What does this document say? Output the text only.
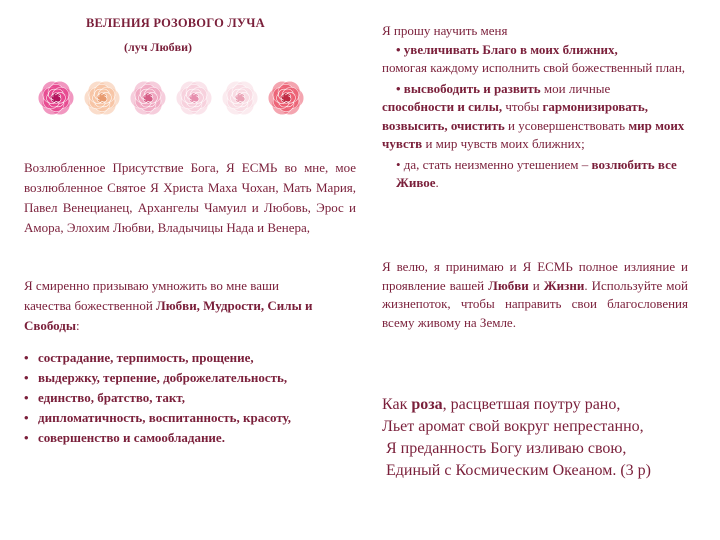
ВЕЛЕНИЯ РОЗОВОГО ЛУЧА
(луч Любви)
Возлюбленное Присутствие Бога, Я ЕСМЬ во мне, мое возлюбленное Святое Я Христа Маха Чохан, Мать Мария, Павел Венецианец, Архангелы Чамуил и Любовь, Эрос и Амора, Элохим Любви, Владычицы Нада и Венера,
Я смиренно призываю умножить во мне ваши качества божественной Любви, Мудрости, Силы и Свободы:
• сострадание, терпимость, прощение,
• выдержку, терпение, доброжелательность,
• единство, братство, такт,
• дипломатичность, воспитанность, красоту,
• совершенство и самообладание.
Я прошу научить меня
• увеличивать Благо в моих ближних,
помогая каждому исполнить свой божественный план,
• высвободить и развить мои личные
способности и силы, чтобы гармонизировать, возвысить, очистить и усовершенствовать мир моих чувств и мир чувств моих ближних;
• да, стать неизменно утешением – возлюбить все Живое.
Я велю, я принимаю и Я ЕСМЬ полное излияние и проявление вашей Любви и Жизни. Используйте мой жизнепоток, чтобы направить свои благословения всему живому на Земле.
Как роза, расцветшая поутру рано,
Льет аромат свой вокруг непрестанно,
Я преданность Богу изливаю свою,
Единый с Космическим Океаном. (3 р)
